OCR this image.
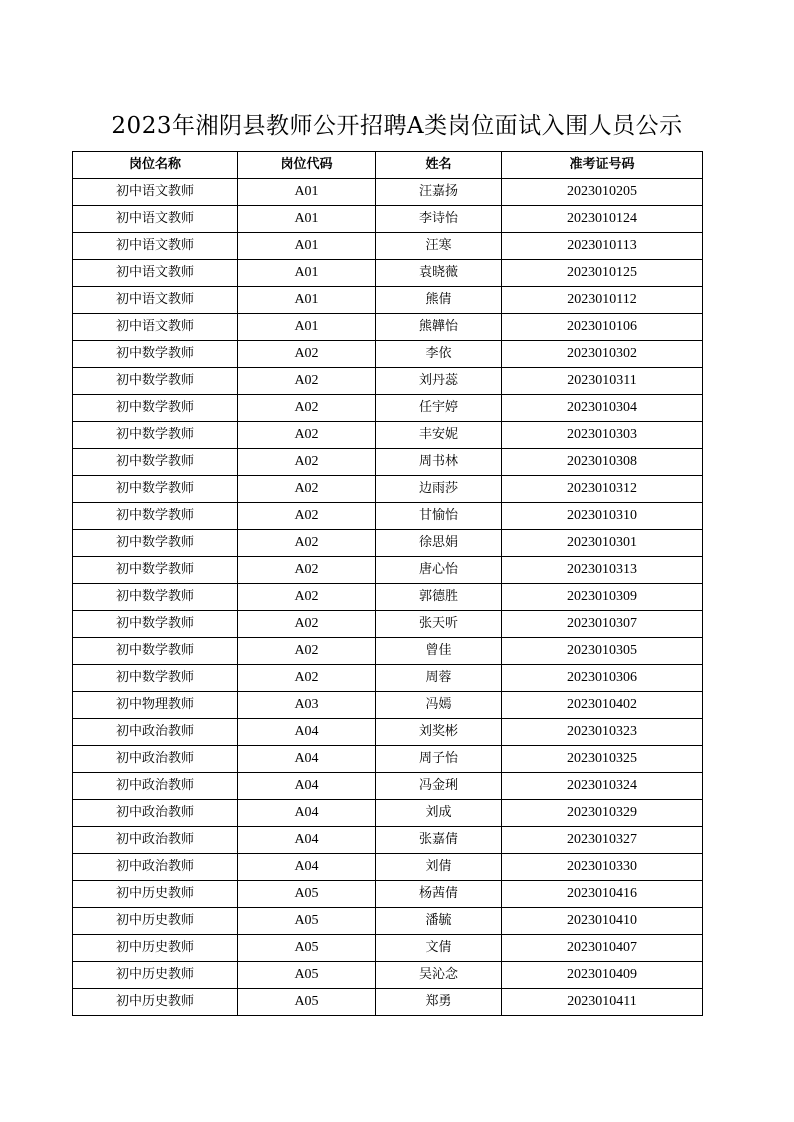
2023年湘阴县教师公开招聘A类岗位面试入围人员公示
岗位名称	岗位代码	姓名	准考证号码
初中语文教师	A01	汪嘉扬	2023010205
初中语文教师	A01	李诗怡	2023010124
初中语文教师	A01	汪寒	2023010113
初中语文教师	A01	袁晓薇	2023010125
初中语文教师	A01	熊倩	2023010112
初中语文教师	A01	熊韡怡	2023010106
初中数学教师	A02	李依	2023010302
初中数学教师	A02	刘丹蕊	2023010311
初中数学教师	A02	任宇婷	2023010304
初中数学教师	A02	丰安妮	2023010303
初中数学教师	A02	周书林	2023010308
初中数学教师	A02	边雨莎	2023010312
初中数学教师	A02	甘愉怡	2023010310
初中数学教师	A02	徐思娟	2023010301
初中数学教师	A02	唐心怡	2023010313
初中数学教师	A02	郭德胜	2023010309
初中数学教师	A02	张天听	2023010307
初中数学教师	A02	曾佳	2023010305
初中数学教师	A02	周蓉	2023010306
初中物理教师	A03	冯嫣	2023010402
初中政治教师	A04	刘奖彬	2023010323
初中政治教师	A04	周子怡	2023010325
初中政治教师	A04	冯金琍	2023010324
初中政治教师	A04	刘成	2023010329
初中政治教师	A04	张嘉倩	2023010327
初中政治教师	A04	刘倩	2023010330
初中历史教师	A05	杨茜倩	2023010416
初中历史教师	A05	潘毓	2023010410
初中历史教师	A05	文倩	2023010407
初中历史教师	A05	吴沁念	2023010409
初中历史教师	A05	郑勇	2023010411
